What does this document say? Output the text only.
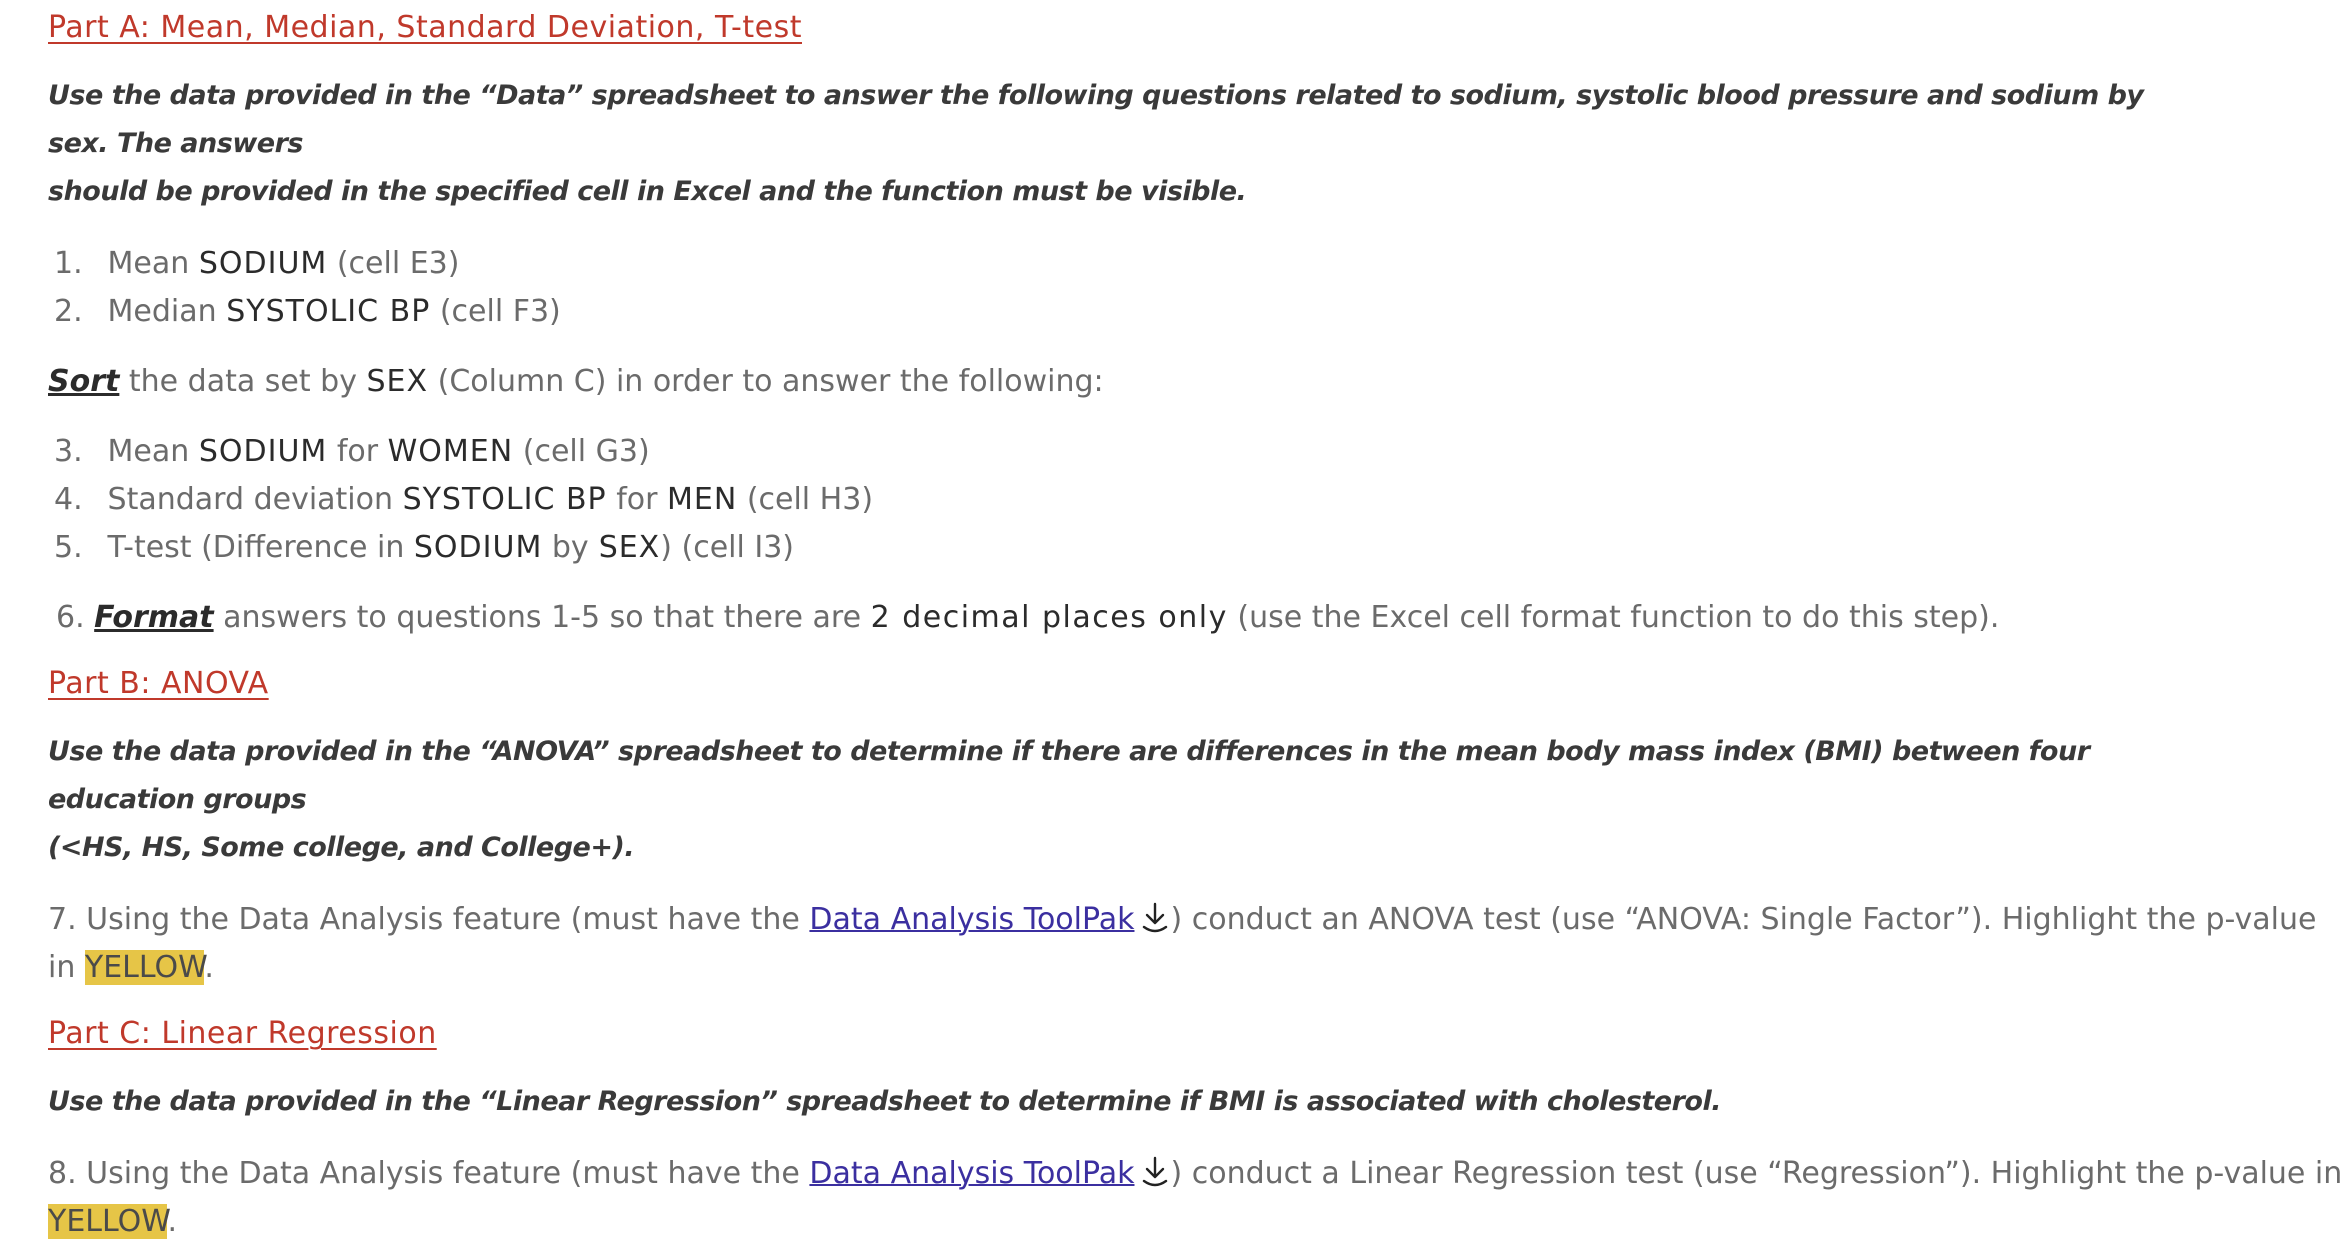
Part A: Mean, Median, Standard Deviation, T-test

Use the data provided in the “Data” spreadsheet to answer the following questions related to sodium, systolic blood pressure and sodium by sex. The answers

should be provided in the specified cell in Excel and the function must be visible.

1. Mean SODIUM (cell E3)

2. Median SYSTOLIC BP (cell F3)

Sort the data set by SEX (Column C) in order to answer the following:

3. Mean SODIUM for WOMEN (cell G3)

4. Standard deviation SYSTOLIC BP for MEN (cell H3)

5. T-test (Difference in SODIUM by SEX) (cell I3)

6. Format answers to questions 1-5 so that there are 2 decimal places only (use the Excel cell format function to do this step).

Part B: ANOVA

Use the data provided in the “ANOVA” spreadsheet to determine if there are differences in the mean body mass index (BMI) between four education groups

(<HS, HS, Some college, and College+).

7. Using the Data Analysis feature (must have the Data Analysis ToolPak ) conduct an ANOVA test (use “ANOVA: Single Factor”). Highlight the p-value

in YELLOW.

Part C: Linear Regression

Use the data provided in the “Linear Regression” spreadsheet to determine if BMI is associated with cholesterol.

8. Using the Data Analysis feature (must have the Data Analysis ToolPak ) conduct a Linear Regression test (use “Regression”). Highlight the p-value in

YELLOW.
